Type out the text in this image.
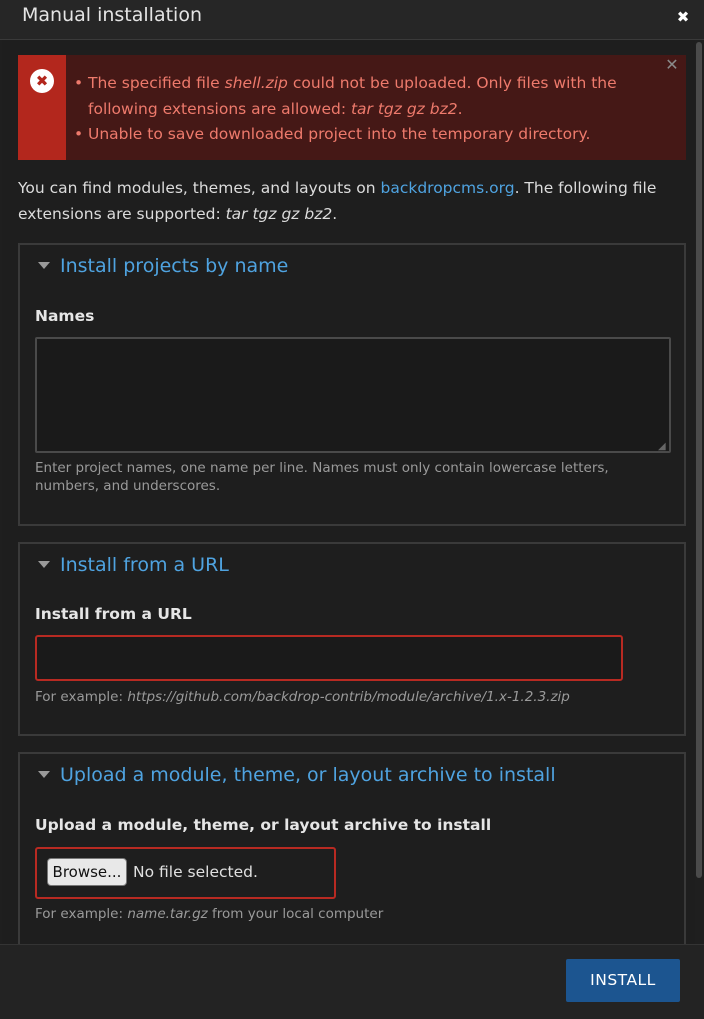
Manual installation	✖
✖
•	The specified file shell.zip could not be uploaded. Only files with the following extensions are allowed: tar tgz gz bz2.
• Unable to save downloaded project into the temporary directory.
✕

You can find modules, themes, and layouts on backdropcms.org. The following file extensions are supported: tar tgz gz bz2.

Install projects by name
Names
◢

Enter project names, one name per line. Names must only contain lowercase letters, numbers, and underscores.

Install from a URL
Install from a URL

For example: https://github.com/backdrop-contrib/module/archive/1.x-1.2.3.zip

Upload a module, theme, or layout archive to install
Upload a module, theme, or layout archive to install
Browse... No file selected.

For example: name.tar.gz from your local computer

INSTALL
